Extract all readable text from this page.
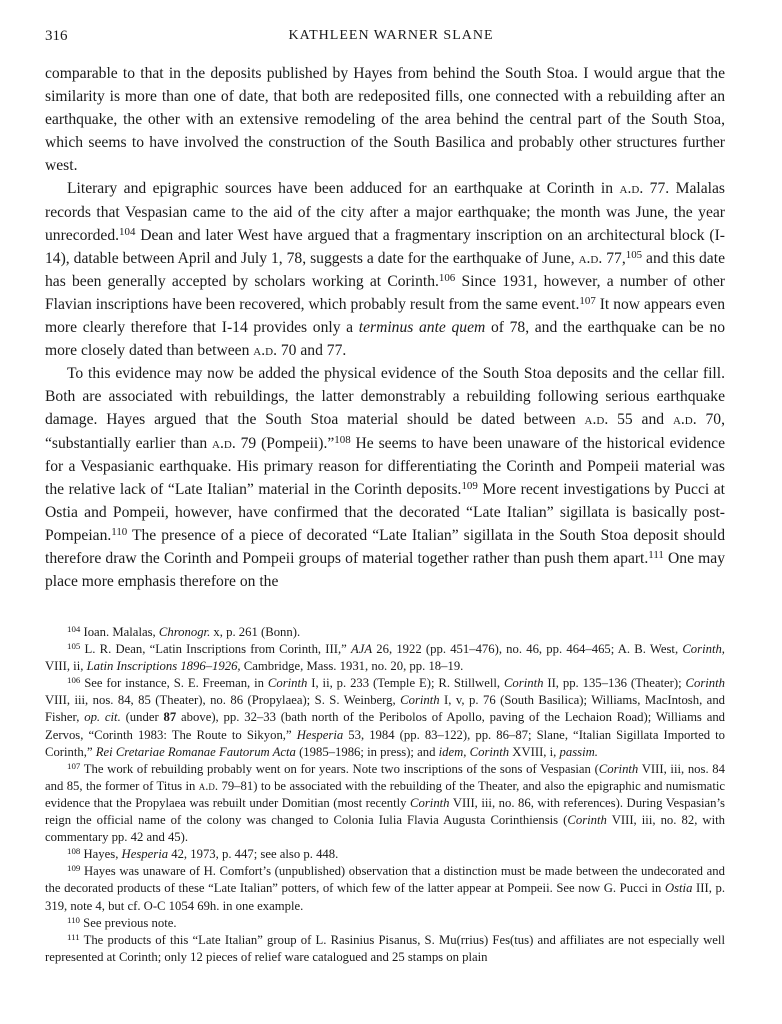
316	KATHLEEN WARNER SLANE

comparable to that in the deposits published by Hayes from behind the South Stoa. I would argue that the similarity is more than one of date, that both are redeposited fills, one connected with a rebuilding after an earthquake, the other with an extensive remodeling of the area behind the central part of the South Stoa, which seems to have involved the construction of the South Basilica and probably other structures further west.

Literary and epigraphic sources have been adduced for an earthquake at Corinth in a.d. 77. Malalas records that Vespasian came to the aid of the city after a major earthquake; the month was June, the year unrecorded.$^{104}$ Dean and later West have argued that a fragmentary inscription on an architectural block (I-14), datable between April and July 1, 78, suggests a date for the earthquake of June, a.d. 77,$^{105}$ and this date has been generally accepted by scholars working at Corinth.$^{106}$ Since 1931, however, a number of other Flavian inscriptions have been recovered, which probably result from the same event.$^{107}$ It now appears even more clearly therefore that I-14 provides only a terminus ante quem of 78, and the earthquake can be no more closely dated than between a.d. 70 and 77.

To this evidence may now be added the physical evidence of the South Stoa deposits and the cellar fill. Both are associated with rebuildings, the latter demonstrably a rebuilding following serious earthquake damage. Hayes argued that the South Stoa material should be dated between a.d. 55 and a.d. 70, “substantially earlier than a.d. 79 (Pompeii).”$^{108}$ He seems to have been unaware of the historical evidence for a Vespasianic earthquake. His primary reason for differentiating the Corinth and Pompeii material was the relative lack of “Late Italian” material in the Corinth deposits.$^{109}$ More recent investigations by Pucci at Ostia and Pompeii, however, have confirmed that the decorated “Late Italian” sigillata is basically post-Pompeian.$^{110}$ The presence of a piece of decorated “Late Italian” sigillata in the South Stoa deposit should therefore draw the Corinth and Pompeii groups of material together rather than push them apart.$^{111}$ One may place more emphasis therefore on the

$^{104}$ Ioan. Malalas, Chronogr. x, p. 261 (Bonn).

$^{105}$ L. R. Dean, “Latin Inscriptions from Corinth, III,” AJA 26, 1922 (pp. 451–476), no. 46, pp. 464–465; A. B. West, Corinth, VIII, ii, Latin Inscriptions 1896–1926, Cambridge, Mass. 1931, no. 20, pp. 18–19.

$^{106}$ See for instance, S. E. Freeman, in Corinth I, ii, p. 233 (Temple E); R. Stillwell, Corinth II, pp. 135–136 (Theater); Corinth VIII, iii, nos. 84, 85 (Theater), no. 86 (Propylaea); S. S. Weinberg, Corinth I, v, p. 76 (South Basilica); Williams, MacIntosh, and Fisher, op. cit. (under 87 above), pp. 32–33 (bath north of the Peribolos of Apollo, paving of the Lechaion Road); Williams and Zervos, “Corinth 1983: The Route to Sikyon,” Hesperia 53, 1984 (pp. 83–122), pp. 86–87; Slane, “Italian Sigillata Imported to Corinth,” Rei Cretariae Romanae Fautorum Acta (1985–1986; in press); and idem, Corinth XVIII, i, passim.

$^{107}$ The work of rebuilding probably went on for years. Note two inscriptions of the sons of Vespasian (Corinth VIII, iii, nos. 84 and 85, the former of Titus in a.d. 79–81) to be associated with the rebuilding of the Theater, and also the epigraphic and numismatic evidence that the Propylaea was rebuilt under Domitian (most recently Corinth VIII, iii, no. 86, with references). During Vespasian’s reign the official name of the colony was changed to Colonia Iulia Flavia Augusta Corinthiensis (Corinth VIII, iii, no. 82, with commentary pp. 42 and 45).

$^{108}$ Hayes, Hesperia 42, 1973, p. 447; see also p. 448.

$^{109}$ Hayes was unaware of H. Comfort’s (unpublished) observation that a distinction must be made between the undecorated and the decorated products of these “Late Italian” potters, of which few of the latter appear at Pompeii. See now G. Pucci in Ostia III, p. 319, note 4, but cf. O-C 1054 69h. in one example.

$^{110}$ See previous note.

$^{111}$ The products of this “Late Italian” group of L. Rasinius Pisanus, S. Mu(rrius) Fes(tus) and affiliates are not especially well represented at Corinth; only 12 pieces of relief ware catalogued and 25 stamps on plain
